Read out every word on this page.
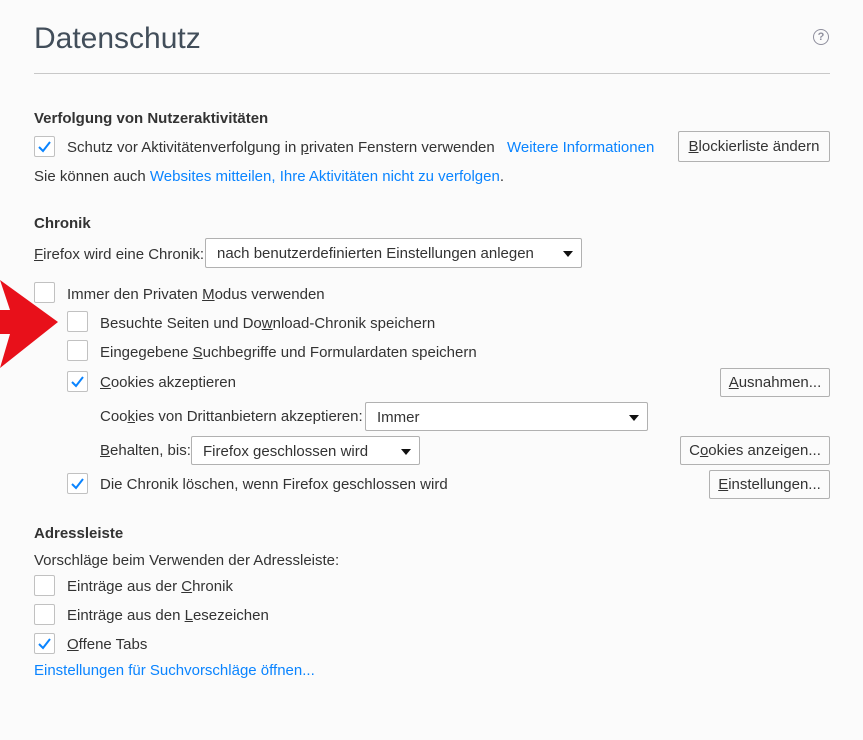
Datenschutz	?
Verfolgung von Nutzeraktivitäten
Schutz vor Aktivitätenverfolgung in privaten Fenstern verwenden Weitere Informationen	Blockierliste ändern
Sie können auch Websites mitteilen, Ihre Aktivitäten nicht zu verfolgen.
Chronik
Firefox wird eine Chronik: nach benutzerdefinierten Einstellungen anlegen
Immer den Privaten Modus verwenden
Besuchte Seiten und Download-Chronik speichern
Eingegebene Suchbegriffe und Formulardaten speichern
Cookies akzeptieren	Ausnahmen...
Cookies von Drittanbietern akzeptieren: Immer
Behalten, bis: Firefox geschlossen wird	Cookies anzeigen...
Die Chronik löschen, wenn Firefox geschlossen wird	Einstellungen...
Adressleiste
Vorschläge beim Verwenden der Adressleiste:
Einträge aus der Chronik
Einträge aus den Lesezeichen
Offene Tabs
Einstellungen für Suchvorschläge öffnen...
